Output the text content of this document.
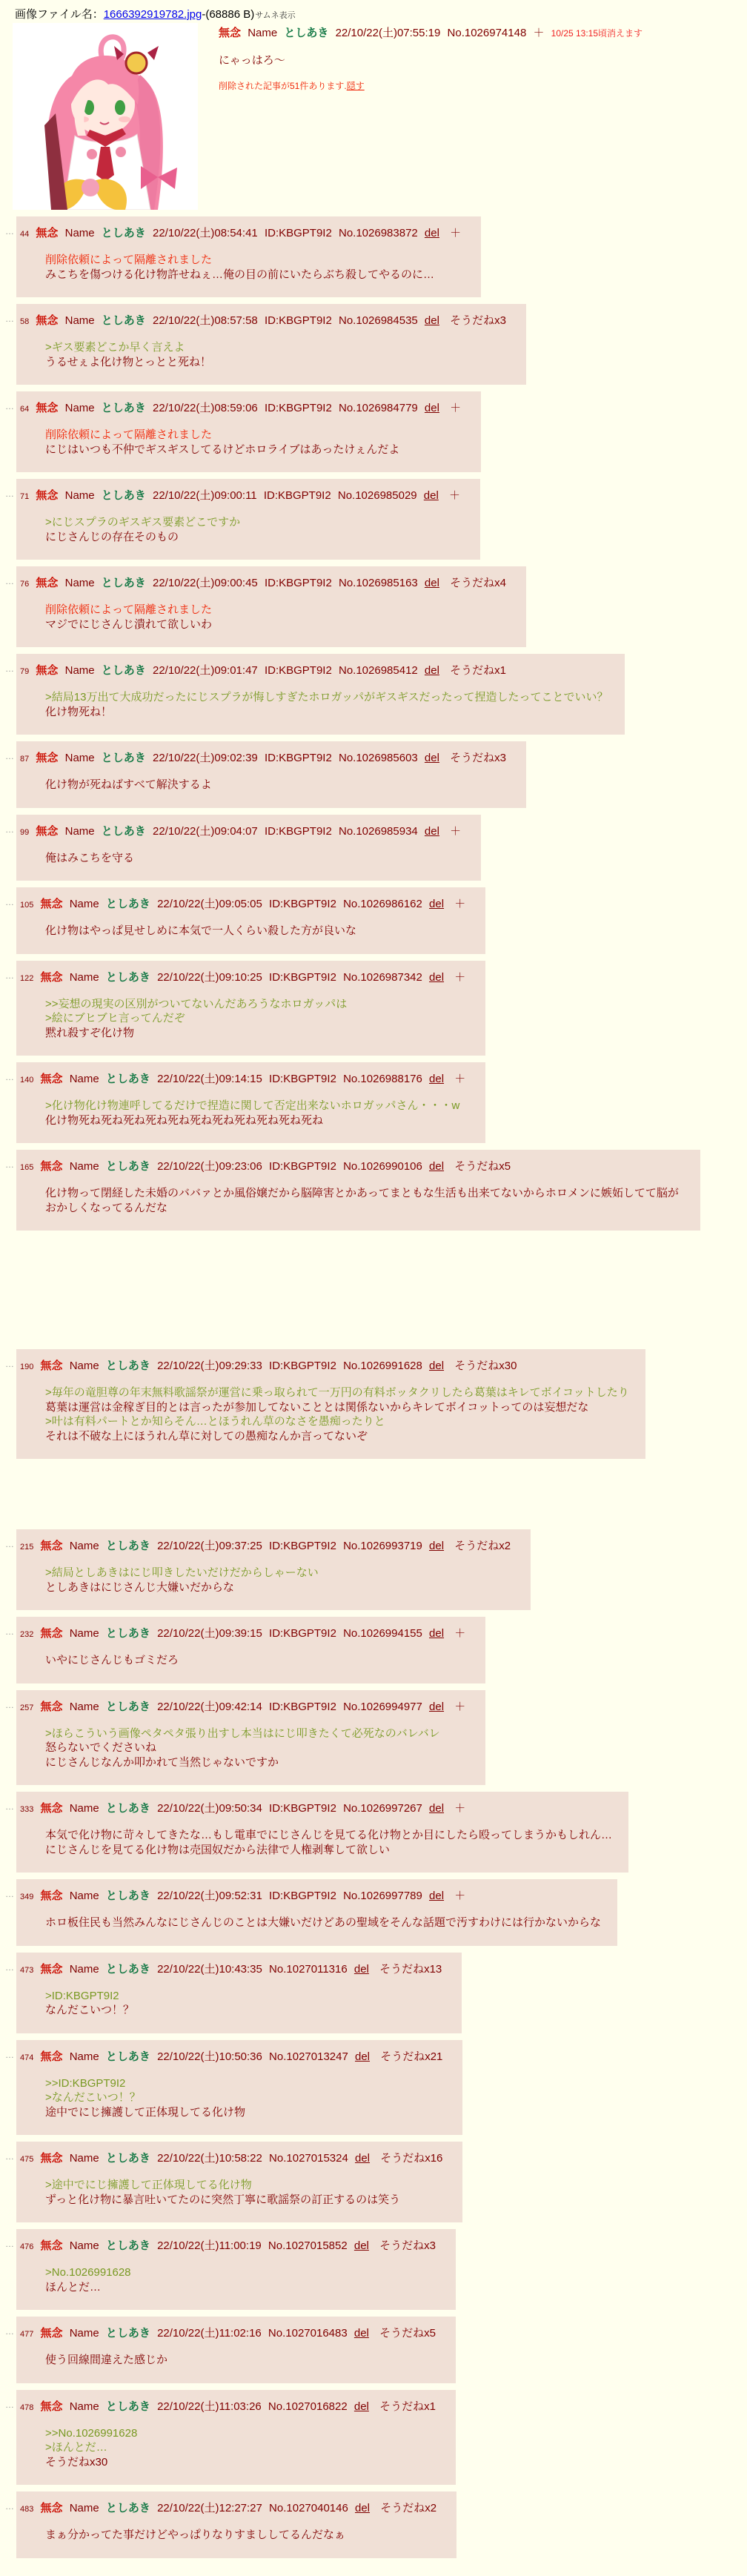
画像ファイル名：1666392919782.jpg-(68886 B)サムネ表示
無念 Name としあき 22/10/22(土)07:55:19 No.1026974148 ＋ 10/25 13:15頃消えます
にゃっはろ～
削除された記事が51件あります.隠す
… 44 無念 Name としあき 22/10/22(土)08:54:41 ID:KBGPT9I2 No.1026983872 del ＋
削除依頼によって隔離されました
みこちを傷つける化け物許せねぇ…俺の目の前にいたらぶち殺してやるのに…
… 58 無念 Name としあき 22/10/22(土)08:57:58 ID:KBGPT9I2 No.1026984535 del そうだねx3
>ギス要素どこか早く言えよ
うるせぇよ化け物とっとと死ね！
… 64 無念 Name としあき 22/10/22(土)08:59:06 ID:KBGPT9I2 No.1026984779 del ＋
削除依頼によって隔離されました
にじはいつも不仲でギスギスしてるけどホロライブはあったけぇんだよ
… 71 無念 Name としあき 22/10/22(土)09:00:11 ID:KBGPT9I2 No.1026985029 del ＋
>にじスプラのギスギス要素どこですか
にじさんじの存在そのもの
… 76 無念 Name としあき 22/10/22(土)09:00:45 ID:KBGPT9I2 No.1026985163 del そうだねx4
削除依頼によって隔離されました
マジでにじさんじ潰れて欲しいわ
… 79 無念 Name としあき 22/10/22(土)09:01:47 ID:KBGPT9I2 No.1026985412 del そうだねx1
>結局13万出て大成功だったにじスプラが悔しすぎたホロガッパがギスギスだったって捏造したってことでいい？
化け物死ね！
… 87 無念 Name としあき 22/10/22(土)09:02:39 ID:KBGPT9I2 No.1026985603 del そうだねx3
化け物が死ねばすべて解決するよ
… 99 無念 Name としあき 22/10/22(土)09:04:07 ID:KBGPT9I2 No.1026985934 del ＋
俺はみこちを守る
… 105 無念 Name としあき 22/10/22(土)09:05:05 ID:KBGPT9I2 No.1026986162 del ＋
化け物はやっぱ見せしめに本気で一人くらい殺した方が良いな
… 122 無念 Name としあき 22/10/22(土)09:10:25 ID:KBGPT9I2 No.1026987342 del ＋
>>妄想の現実の区別がついてないんだあろうなホロガッパは
>絵にブヒブヒ言ってんだぞ
黙れ殺すぞ化け物
… 140 無念 Name としあき 22/10/22(土)09:14:15 ID:KBGPT9I2 No.1026988176 del ＋
>化け物化け物連呼してるだけで捏造に関して否定出来ないホロガッパさん・・・w
化け物死ね死ね死ね死ね死ね死ね死ね死ね死ね死ね死ね
… 165 無念 Name としあき 22/10/22(土)09:23:06 ID:KBGPT9I2 No.1026990106 del そうだねx5
化け物って閉経した未婚のババァとか風俗嬢だから脳障害とかあってまともな生活も出来てないからホロメンに嫉妬してて脳がおかしくなってるんだな
… 190 無念 Name としあき 22/10/22(土)09:29:33 ID:KBGPT9I2 No.1026991628 del そうだねx30
>毎年の竜胆尊の年末無料歌謡祭が運営に乗っ取られて一万円の有料ボッタクリしたら葛葉はキレてボイコットしたり
葛葉は運営は金稼ぎ目的とは言ったが参加してないこととは関係ないからキレてボイコットってのは妄想だな
>叶は有料パートとか知らそん…とほうれん草のなさを愚痴ったりと
それは不破な上にほうれん草に対しての愚痴なんか言ってないぞ
… 215 無念 Name としあき 22/10/22(土)09:37:25 ID:KBGPT9I2 No.1026993719 del そうだねx2
>結局としあきはにじ叩きしたいだけだからしゃーない
としあきはにじさんじ大嫌いだからな
… 232 無念 Name としあき 22/10/22(土)09:39:15 ID:KBGPT9I2 No.1026994155 del ＋
いやにじさんじもゴミだろ
… 257 無念 Name としあき 22/10/22(土)09:42:14 ID:KBGPT9I2 No.1026994977 del ＋
>ほらこういう画像ペタペタ張り出すし本当はにじ叩きたくて必死なのバレバレ
怒らないでくださいね
にじさんじなんか叩かれて当然じゃないですか
… 333 無念 Name としあき 22/10/22(土)09:50:34 ID:KBGPT9I2 No.1026997267 del ＋
本気で化け物に苛々してきたな…もし電車でにじさんじを見てる化け物とか目にしたら殴ってしまうかもしれん…
にじさんじを見てる化け物は売国奴だから法律で人権剥奪して欲しい
… 349 無念 Name としあき 22/10/22(土)09:52:31 ID:KBGPT9I2 No.1026997789 del ＋
ホロ板住民も当然みんなにじさんじのことは大嫌いだけどあの聖域をそんな話題で汚すわけには行かないからな
… 473 無念 Name としあき 22/10/22(土)10:43:35 No.1027011316 del そうだねx13
>ID:KBGPT9I2
なんだこいつ！？
… 474 無念 Name としあき 22/10/22(土)10:50:36 No.1027013247 del そうだねx21
>>ID:KBGPT9I2
>なんだこいつ！？
途中でにじ擁護して正体現してる化け物
… 475 無念 Name としあき 22/10/22(土)10:58:22 No.1027015324 del そうだねx16
>途中でにじ擁護して正体現してる化け物
ずっと化け物に暴言吐いてたのに突然丁寧に歌謡祭の訂正するのは笑う
… 476 無念 Name としあき 22/10/22(土)11:00:19 No.1027015852 del そうだねx3
>No.1026991628
ほんとだ…
… 477 無念 Name としあき 22/10/22(土)11:02:16 No.1027016483 del そうだねx5
使う回線間違えた感じか
… 478 無念 Name としあき 22/10/22(土)11:03:26 No.1027016822 del そうだねx1
>>No.1026991628
>ほんとだ…
そうだねx30
… 483 無念 Name としあき 22/10/22(土)12:27:27 No.1027040146 del そうだねx2
まぁ分かってた事だけどやっぱりなりすまししてるんだなぁ
